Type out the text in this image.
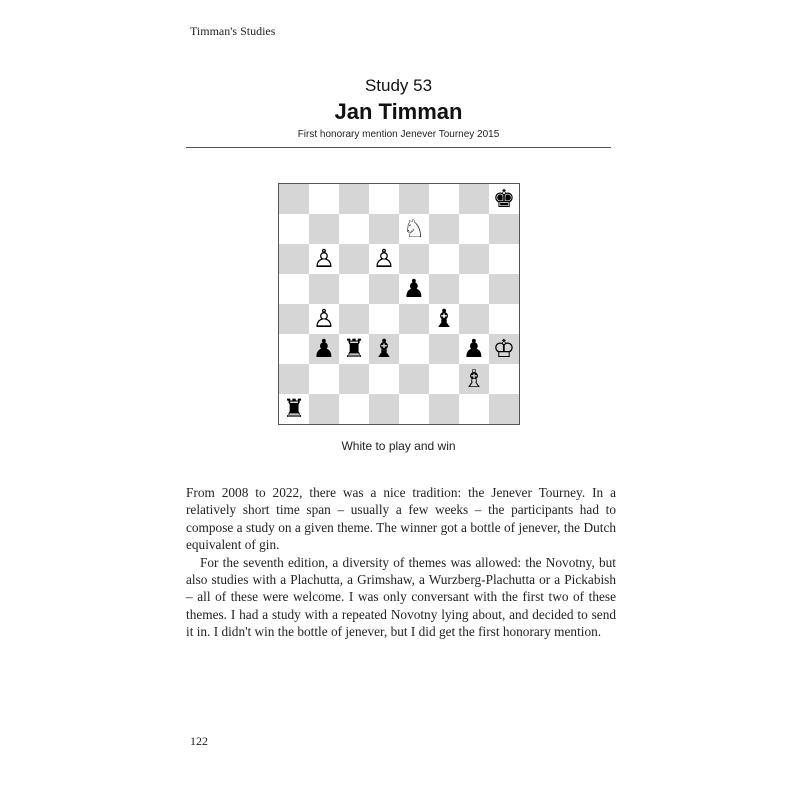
Timman's Studies
Study 53
Jan Timman
First honorary mention Jenever Tourney 2015
♚
♘
♙ ♙
♟
♙	♝
♟ ♜ ♝	♟ ♔
♗
♜
White to play and win

From 2008 to 2022, there was a nice tradition: the Jenever Tourney. In a relatively short time span – usually a few weeks – the participants had to compose a study on a given theme. The winner got a bottle of jenever, the Dutch equivalent of gin.

For the seventh edition, a diversity of themes was allowed: the Novotny, but also studies with a Plachutta, a Grimshaw, a Wurzberg-Plachutta or a Pickabish – all of these were welcome. I was only conversant with the first two of these themes. I had a study with a repeated Novotny lying about, and decided to send it in. I didn't win the bottle of jenever, but I did get the first honorary mention.

122
